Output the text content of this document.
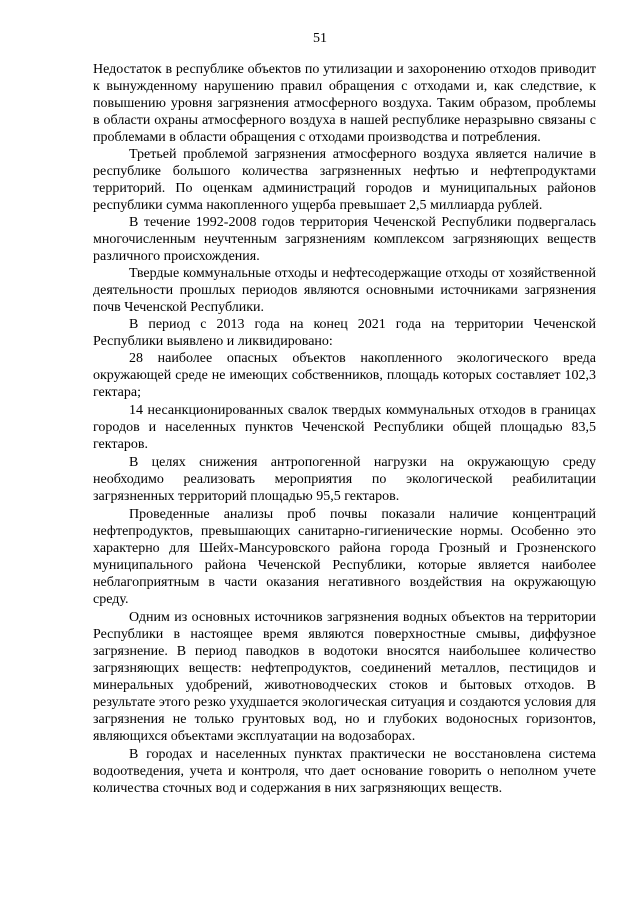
51

Недостаток в республике объектов по утилизации и захоронению отходов приводит к вынужденному нарушению правил обращения с отходами и, как следствие, к повышению уровня загрязнения атмосферного воздуха. Таким образом, проблемы в области охраны атмосферного воздуха в нашей республике неразрывно связаны с проблемами в области обращения с отходами производства и потребления.

Третьей проблемой загрязнения атмосферного воздуха является наличие в республике большого количества загрязненных нефтью и нефтепродуктами территорий. По оценкам администраций городов и муниципальных районов республики сумма накопленного ущерба превышает 2,5 миллиарда рублей.

В течение 1992-2008 годов территория Чеченской Республики подвергалась многочисленным неучтенным загрязнениям комплексом загрязняющих веществ различного происхождения.

Твердые коммунальные отходы и нефтесодержащие отходы от хозяйственной деятельности прошлых периодов являются основными источниками загрязнения почв Чеченской Республики.

В период с 2013 года на конец 2021 года на территории Чеченской Республики выявлено и ликвидировано:

28 наиболее опасных объектов накопленного экологического вреда окружающей среде не имеющих собственников, площадь которых составляет 102,3 гектара;

14 несанкционированных свалок твердых коммунальных отходов в границах городов и населенных пунктов Чеченской Республики общей площадью 83,5 гектаров.

В целях снижения антропогенной нагрузки на окружающую среду необходимо реализовать мероприятия по экологической реабилитации загрязненных территорий площадью 95,5 гектаров.

Проведенные анализы проб почвы показали наличие концентраций нефтепродуктов, превышающих санитарно-гигиенические нормы. Особенно это характерно для Шейх-Мансуровского района города Грозный и Грозненского муниципального района Чеченской Республики, которые является наиболее неблагоприятным в части оказания негативного воздействия на окружающую среду.

Одним из основных источников загрязнения водных объектов на территории Республики в настоящее время являются поверхностные смывы, диффузное загрязнение. В период паводков в водотоки вносятся наибольшее количество загрязняющих веществ: нефтепродуктов, соединений металлов, пестицидов и минеральных удобрений, животноводческих стоков и бытовых отходов. В результате этого резко ухудшается экологическая ситуация и создаются условия для загрязнения не только грунтовых вод, но и глубоких водоносных горизонтов, являющихся объектами эксплуатации на водозаборах.

В городах и населенных пунктах практически не восстановлена система водоотведения, учета и контроля, что дает основание говорить о неполном учете количества сточных вод и содержания в них загрязняющих веществ.
